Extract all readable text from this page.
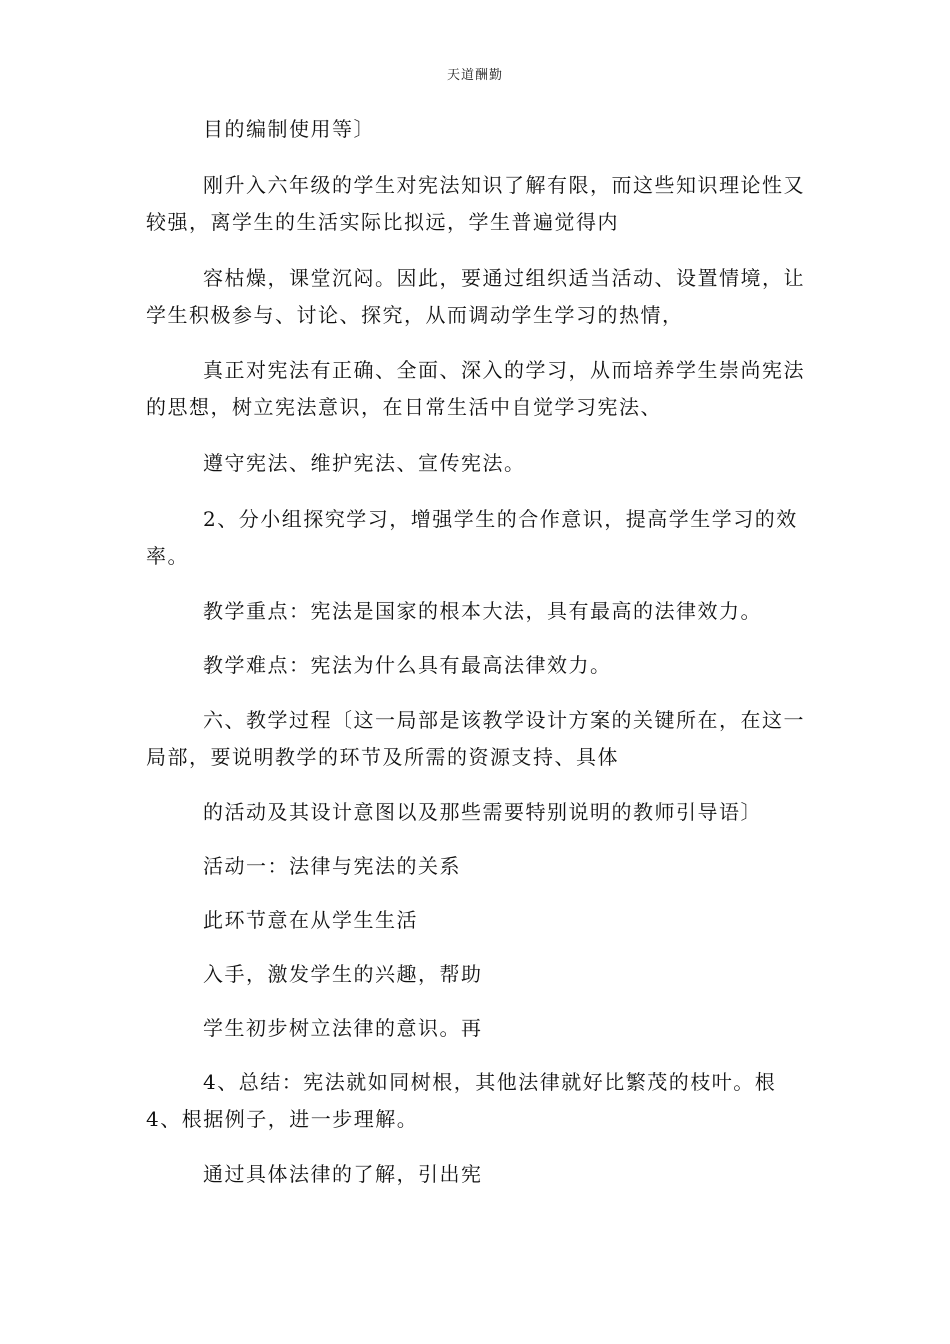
天道酬勤
目的编制使用等〕
刚升入六年级的学生对宪法知识了解有限，而这些知识理论性又
较强，离学生的生活实际比拟远，学生普遍觉得内
容枯燥，课堂沉闷。因此，要通过组织适当活动、设置情境，让
学生积极参与、讨论、探究，从而调动学生学习的热情，
真正对宪法有正确、全面、深入的学习，从而培养学生崇尚宪法
的思想，树立宪法意识，在日常生活中自觉学习宪法、
遵守宪法、维护宪法、宣传宪法。
2、分小组探究学习，增强学生的合作意识，提高学生学习的效
率。
教学重点：宪法是国家的根本大法，具有最高的法律效力。
教学难点：宪法为什么具有最高法律效力。
六、教学过程〔这一局部是该教学设计方案的关键所在，在这一
局部，要说明教学的环节及所需的资源支持、具体
的活动及其设计意图以及那些需要特别说明的教师引导语〕
活动一：法律与宪法的关系
此环节意在从学生生活
入手，激发学生的兴趣，帮助
学生初步树立法律的意识。再
4、总结：宪法就如同树根，其他法律就好比繁茂的枝叶。根
4、根据例子，进一步理解。
通过具体法律的了解，引出宪
